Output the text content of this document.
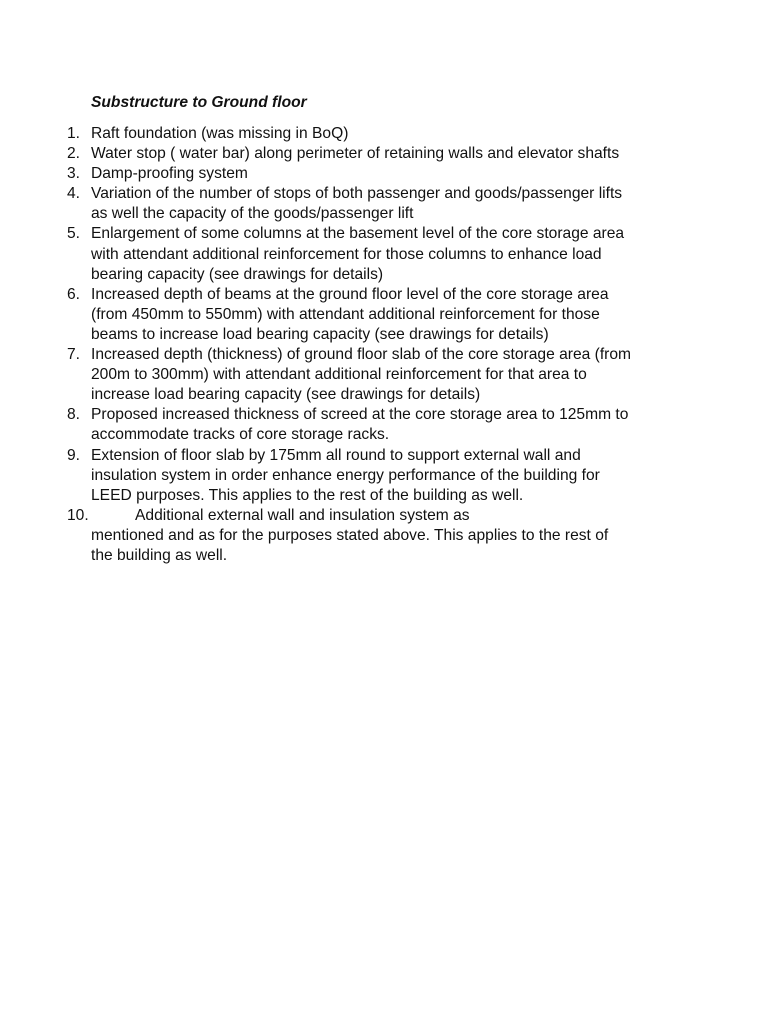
Substructure to Ground floor
1. Raft foundation (was missing in BoQ)
2. Water stop ( water bar) along perimeter of retaining walls and elevator shafts
3. Damp-proofing system
4. Variation of the number of stops of both passenger and goods/passenger lifts
as well the capacity of the goods/passenger lift
5. Enlargement of some columns at the basement level of the core storage area
with attendant additional reinforcement for those columns to enhance load
bearing capacity (see drawings for details)
6. Increased depth of beams at the ground floor level of the core storage area
(from 450mm to 550mm) with attendant additional reinforcement for those
beams to increase load bearing capacity (see drawings for details)
7. Increased depth (thickness) of ground floor slab of the core storage area (from
200m to 300mm) with attendant additional reinforcement for that area to
increase load bearing capacity (see drawings for details)
8. Proposed increased thickness of screed at the core storage area to 125mm to
accommodate tracks of core storage racks.
9. Extension of floor slab by 175mm all round to support external wall and
insulation system in order enhance energy performance of the building for
LEED purposes. This applies to the rest of the building as well.
10.	Additional external wall and insulation system as
mentioned and as for the purposes stated above. This applies to the rest of
the building as well.
